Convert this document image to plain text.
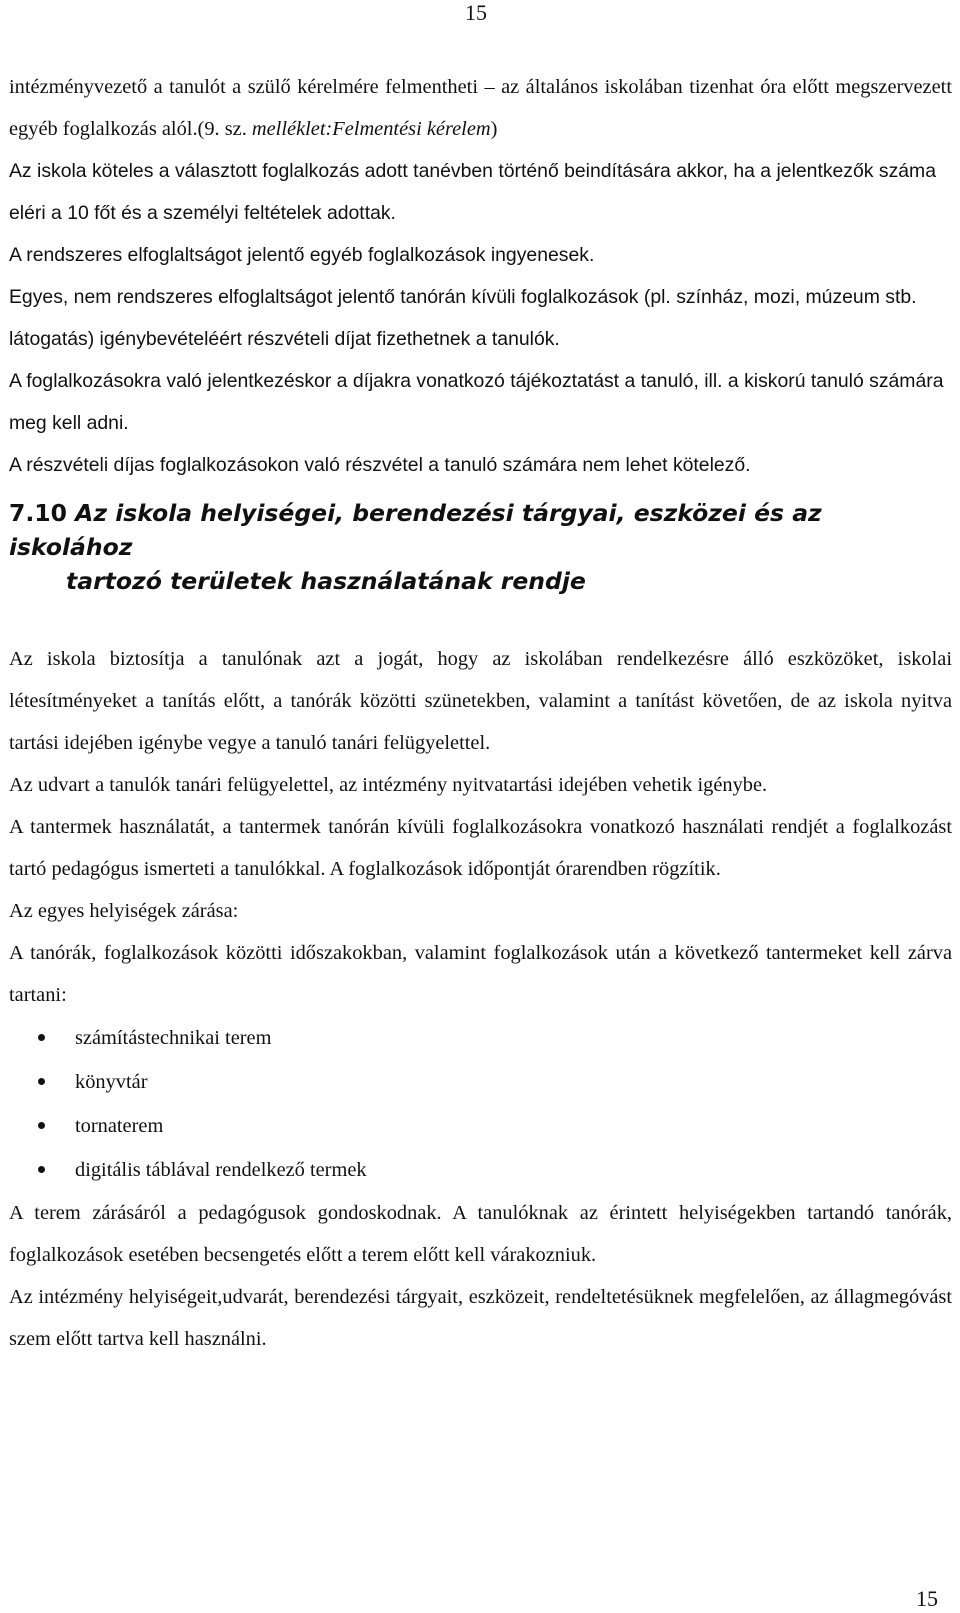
15

intézményvezető a tanulót a szülő kérelmére felmentheti – az általános iskolában tizenhat óra előtt megszervezett egyéb foglalkozás alól.(9. sz. melléklet:Felmentési kérelem)

Az iskola köteles a választott foglalkozás adott tanévben történő beindítására akkor, ha a jelentkezők száma eléri a 10 főt és a személyi feltételek adottak.

A rendszeres elfoglaltságot jelentő egyéb foglalkozások ingyenesek.

Egyes, nem rendszeres elfoglaltságot jelentő tanórán kívüli foglalkozások (pl. színház, mozi, múzeum stb. látogatás) igénybevételéért részvételi díjat fizethetnek a tanulók.

A foglalkozásokra való jelentkezéskor a díjakra vonatkozó tájékoztatást a tanuló, ill. a kiskorú tanuló számára meg kell adni.

A részvételi díjas foglalkozásokon való részvétel a tanuló számára nem lehet kötelező.

7.10 Az iskola helyiségei, berendezési tárgyai, eszközei és az iskolához
tartozó területek használatának rendje

Az iskola biztosítja a tanulónak azt a jogát, hogy az iskolában rendelkezésre álló eszközöket, iskolai létesítményeket a tanítás előtt, a tanórák közötti szünetekben, valamint a tanítást követően, de az iskola nyitva tartási idejében igénybe vegye a tanuló tanári felügyelettel.

Az udvart a tanulók tanári felügyelettel, az intézmény nyitvatartási idejében vehetik igénybe.

A tantermek használatát, a tantermek tanórán kívüli foglalkozásokra vonatkozó használati rendjét a foglalkozást tartó pedagógus ismerteti a tanulókkal. A foglalkozások időpontját órarendben rögzítik.

Az egyes helyiségek zárása:

A tanórák, foglalkozások közötti időszakokban, valamint foglalkozások után a következő tantermeket kell zárva tartani:

számítástechnikai terem
könyvtár
tornaterem
digitális táblával rendelkező termek

A terem zárásáról a pedagógusok gondoskodnak. A tanulóknak az érintett helyiségekben tartandó tanórák, foglalkozások esetében becsengetés előtt a terem előtt kell várakozniuk.

Az intézmény helyiségeit,udvarát, berendezési tárgyait, eszközeit, rendeltetésüknek megfelelően, az állagmegóvást szem előtt tartva kell használni.

15
